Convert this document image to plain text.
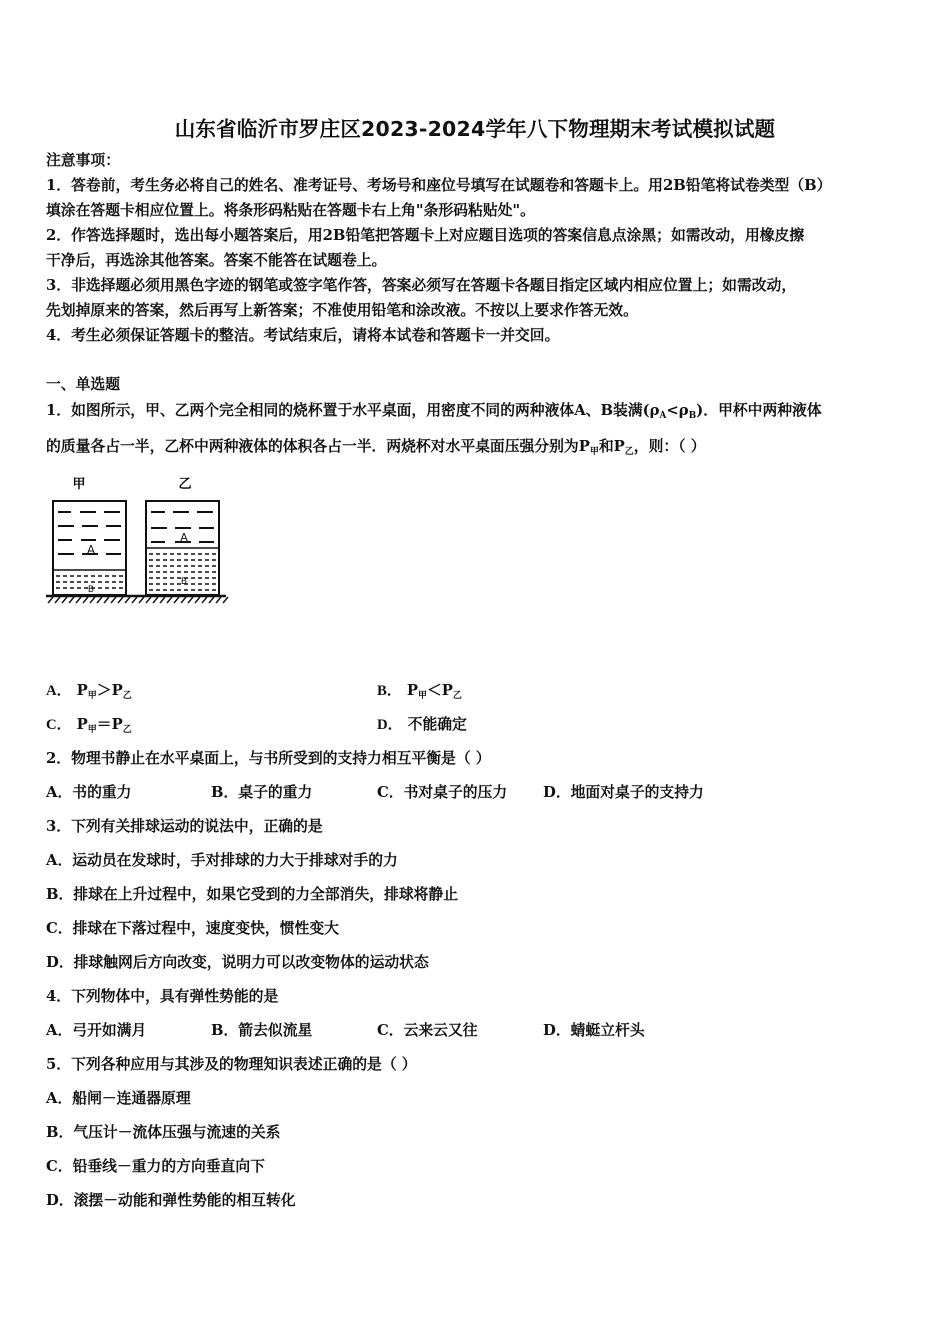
山东省临沂市罗庄区2023-2024学年八下物理期末考试模拟试题
注意事项：
1．答卷前，考生务必将自己的姓名、准考证号、考场号和座位号填写在试题卷和答题卡上。用2B铅笔将试卷类型（B）
填涂在答题卡相应位置上。将条形码粘贴在答题卡右上角"条形码粘贴处"。
2．作答选择题时，选出每小题答案后，用2B铅笔把答题卡上对应题目选项的答案信息点涂黑；如需改动，用橡皮擦
干净后，再选涂其他答案。答案不能答在试题卷上。
3．非选择题必须用黑色字迹的钢笔或签字笔作答，答案必须写在答题卡各题目指定区域内相应位置上；如需改动，
先划掉原来的答案，然后再写上新答案；不准使用铅笔和涂改液。不按以上要求作答无效。
4．考生必须保证答题卡的整洁。考试结束后，请将本试卷和答题卡一并交回。
一、单选题
1．如图所示，甲、乙两个完全相同的烧杯置于水平桌面，用密度不同的两种液体A、B装满$(\rho_A<\rho_B)$．甲杯中两种液体
的质量各占一半，乙杯中两种液体的体积各占一半．两烧杯对水平桌面压强分别为$P_甲$和$P_乙$，则：（ ）
甲	乙
A
B
A
B
A． $P_甲>P_乙$	B． $P_甲<P_乙$
C． $P_甲=P_乙$	D． 不能确定
2．物理书静止在水平桌面上，与书所受到的支持力相互平衡是（ ）
A．书的重力	B．桌子的重力	C．书对桌子的压力 D．地面对桌子的支持力
3．下列有关排球运动的说法中，正确的是
A．运动员在发球时，手对排球的力大于排球对手的力
B．排球在上升过程中，如果它受到的力全部消失，排球将静止
C．排球在下落过程中，速度变快，惯性变大
D．排球触网后方向改变，说明力可以改变物体的运动状态
4．下列物体中，具有弹性势能的是
A．弓开如满月	B．箭去似流星	C．云来云又往	D．蜻蜓立杆头
5．下列各种应用与其涉及的物理知识表述正确的是（ ）
A．船闸－连通器原理
B．气压计－流体压强与流速的关系
C．铅垂线－重力的方向垂直向下
D．滚摆－动能和弹性势能的相互转化
